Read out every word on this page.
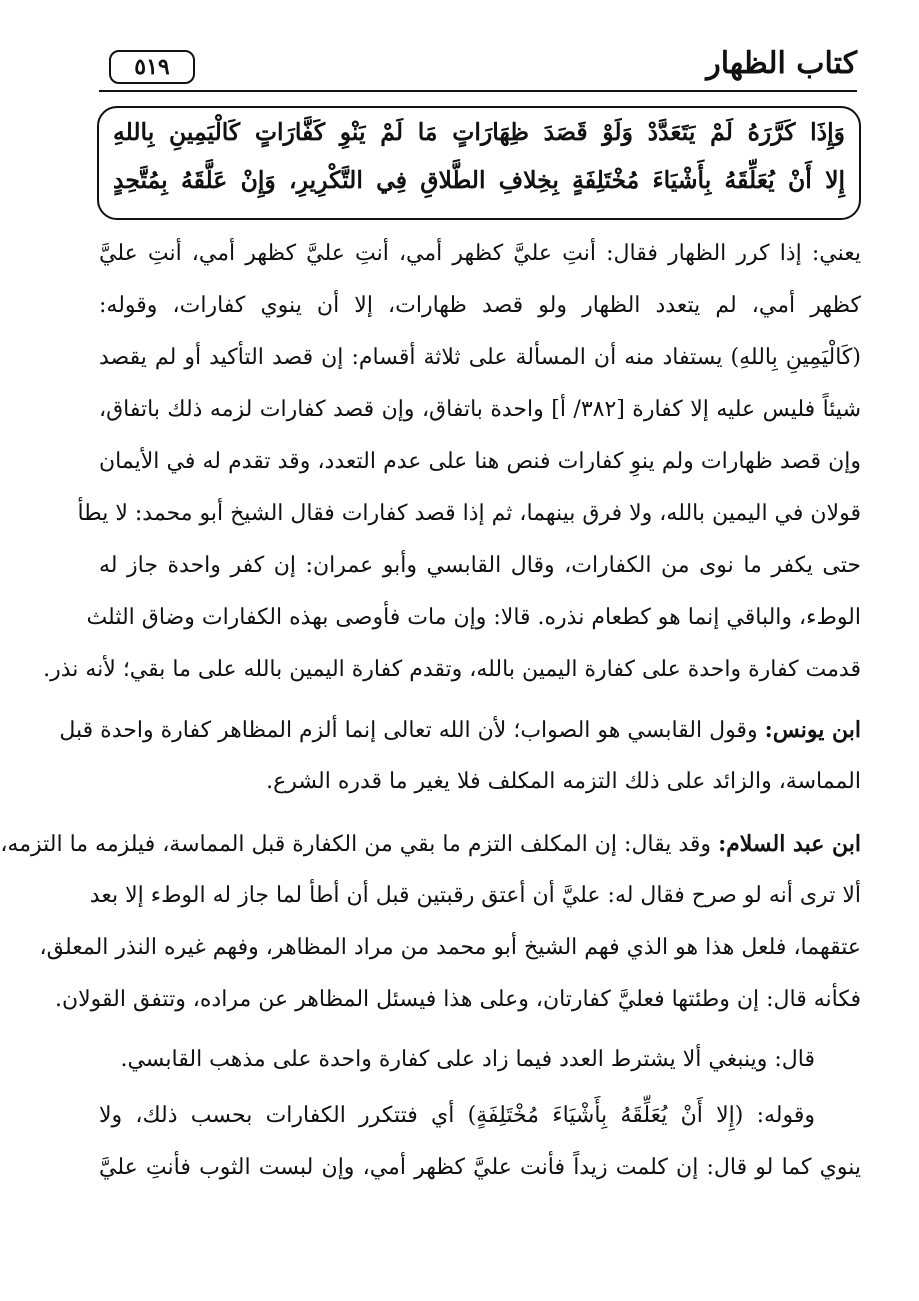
٥١٩	كتاب الظهار
وَإِذَا كَرَّرَهُ لَمْ يَتَعَدَّدْ وَلَوْ قَصَدَ ظِهَارَاتٍ مَا لَمْ يَنْوِ كَفَّارَاتٍ كَالْيَمِينِ بِاللهِ
إِلا أَنْ يُعَلِّقَهُ بِأَشْيَاءَ مُخْتَلِفَةٍ بِخِلافِ الطَّلاقِ فِي التَّكْرِيرِ، وَإِنْ عَلَّقَهُ بِمُتَّحِدٍ
يعني: إذا كرر الظهار فقال: أنتِ عليَّ كظهر أمي، أنتِ عليَّ كظهر أمي، أنتِ عليَّ
كظهر أمي، لم يتعدد الظهار ولو قصد ظهارات، إلا أن ينوي كفارات، وقوله:
(كَالْيَمِينِ بِاللهِ) يستفاد منه أن المسألة على ثلاثة أقسام: إن قصد التأكيد أو لم يقصد
شيئاً فليس عليه إلا كفارة [٣٨٢/ أ] واحدة باتفاق، وإن قصد كفارات لزمه ذلك باتفاق،
وإن قصد ظهارات ولم ينوِ كفارات فنص هنا على عدم التعدد، وقد تقدم له في الأيمان
قولان في اليمين بالله، ولا فرق بينهما، ثم إذا قصد كفارات فقال الشيخ أبو محمد: لا يطأ
حتى يكفر ما نوى من الكفارات، وقال القابسي وأبو عمران: إن كفر واحدة جاز له
الوطء، والباقي إنما هو كطعام نذره. قالا: وإن مات فأوصى بهذه الكفارات وضاق الثلث
قدمت كفارة واحدة على كفارة اليمين بالله، وتقدم كفارة اليمين بالله على ما بقي؛ لأنه نذر.
ابن يونس: وقول القابسي هو الصواب؛ لأن الله تعالى إنما ألزم المظاهر كفارة واحدة قبل
المماسة، والزائد على ذلك التزمه المكلف فلا يغير ما قدره الشرع.
ابن عبد السلام: وقد يقال: إن المكلف التزم ما بقي من الكفارة قبل المماسة، فيلزمه ما التزمه،
ألا ترى أنه لو صرح فقال له: عليَّ أن أعتق رقبتين قبل أن أطأ لما جاز له الوطء إلا بعد
عتقهما، فلعل هذا هو الذي فهم الشيخ أبو محمد من مراد المظاهر، وفهم غيره النذر المعلق،
فكأنه قال: إن وطئتها فعليَّ كفارتان، وعلى هذا فيسئل المظاهر عن مراده، وتتفق القولان.
قال: وينبغي ألا يشترط العدد فيما زاد على كفارة واحدة على مذهب القابسي.
وقوله: (إِلا أَنْ يُعَلِّقَهُ بِأَشْيَاءَ مُخْتَلِفَةٍ) أي فتتكرر الكفارات بحسب ذلك، ولا
ينوي كما لو قال: إن كلمت زيداً فأنت عليَّ كظهر أمي، وإن لبست الثوب فأنتِ عليَّ
